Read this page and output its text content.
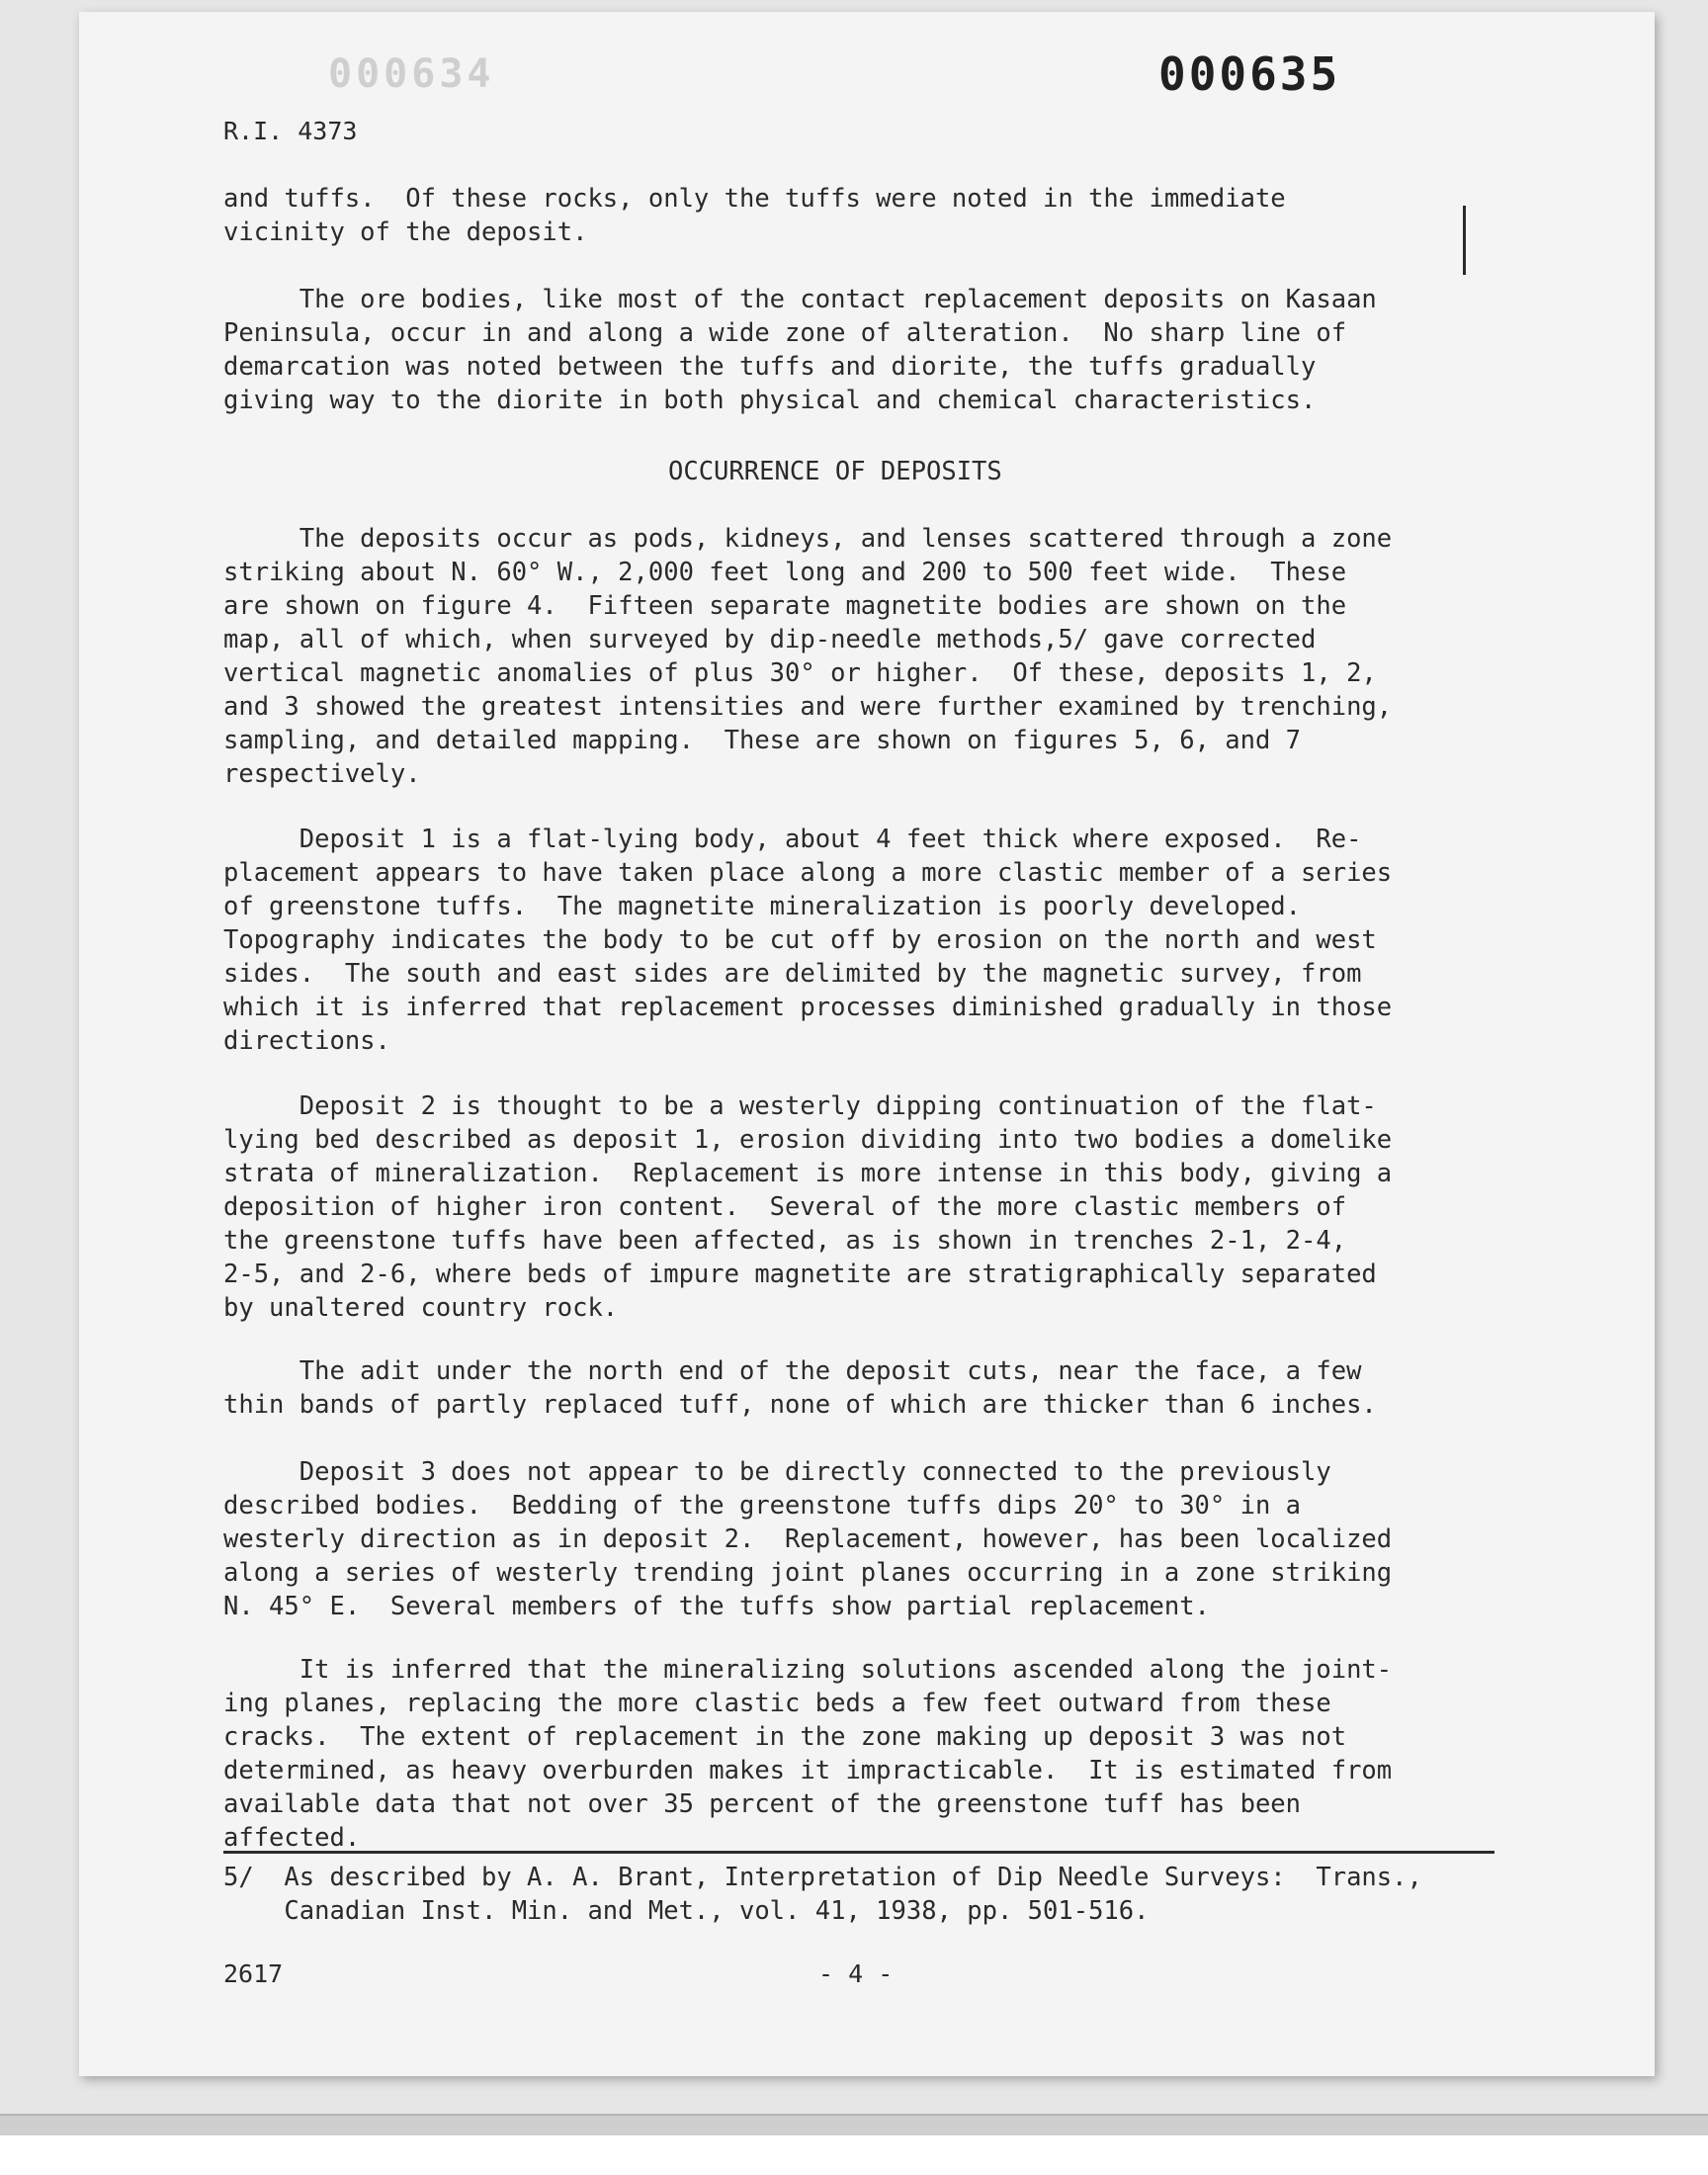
000634	000635
R.I. 4373
and tuffs.  Of these rocks, only the tuffs were noted in the immediate
vicinity of the deposit.
The ore bodies, like most of the contact replacement deposits on Kasaan
Peninsula, occur in and along a wide zone of alteration.  No sharp line of
demarcation was noted between the tuffs and diorite, the tuffs gradually
giving way to the diorite in both physical and chemical characteristics.
OCCURRENCE OF DEPOSITS
The deposits occur as pods, kidneys, and lenses scattered through a zone
striking about N. 60° W., 2,000 feet long and 200 to 500 feet wide.  These
are shown on figure 4.  Fifteen separate magnetite bodies are shown on the
map, all of which, when surveyed by dip-needle methods,5/ gave corrected
vertical magnetic anomalies of plus 30° or higher.  Of these, deposits 1, 2,
and 3 showed the greatest intensities and were further examined by trenching,
sampling, and detailed mapping.  These are shown on figures 5, 6, and 7
respectively.
Deposit 1 is a flat-lying body, about 4 feet thick where exposed.  Re-
placement appears to have taken place along a more clastic member of a series
of greenstone tuffs.  The magnetite mineralization is poorly developed.
Topography indicates the body to be cut off by erosion on the north and west
sides.  The south and east sides are delimited by the magnetic survey, from
which it is inferred that replacement processes diminished gradually in those
directions.
Deposit 2 is thought to be a westerly dipping continuation of the flat-
lying bed described as deposit 1, erosion dividing into two bodies a domelike
strata of mineralization.  Replacement is more intense in this body, giving a
deposition of higher iron content.  Several of the more clastic members of
the greenstone tuffs have been affected, as is shown in trenches 2-1, 2-4,
2-5, and 2-6, where beds of impure magnetite are stratigraphically separated
by unaltered country rock.
The adit under the north end of the deposit cuts, near the face, a few
thin bands of partly replaced tuff, none of which are thicker than 6 inches.
Deposit 3 does not appear to be directly connected to the previously
described bodies.  Bedding of the greenstone tuffs dips 20° to 30° in a
westerly direction as in deposit 2.  Replacement, however, has been localized
along a series of westerly trending joint planes occurring in a zone striking
N. 45° E.  Several members of the tuffs show partial replacement.
It is inferred that the mineralizing solutions ascended along the joint-
ing planes, replacing the more clastic beds a few feet outward from these
cracks.  The extent of replacement in the zone making up deposit 3 was not
determined, as heavy overburden makes it impracticable.  It is estimated from
available data that not over 35 percent of the greenstone tuff has been
affected.
5/  As described by A. A. Brant, Interpretation of Dip Needle Surveys:  Trans.,
Canadian Inst. Min. and Met., vol. 41, 1938, pp. 501-516.
2617	- 4 -
